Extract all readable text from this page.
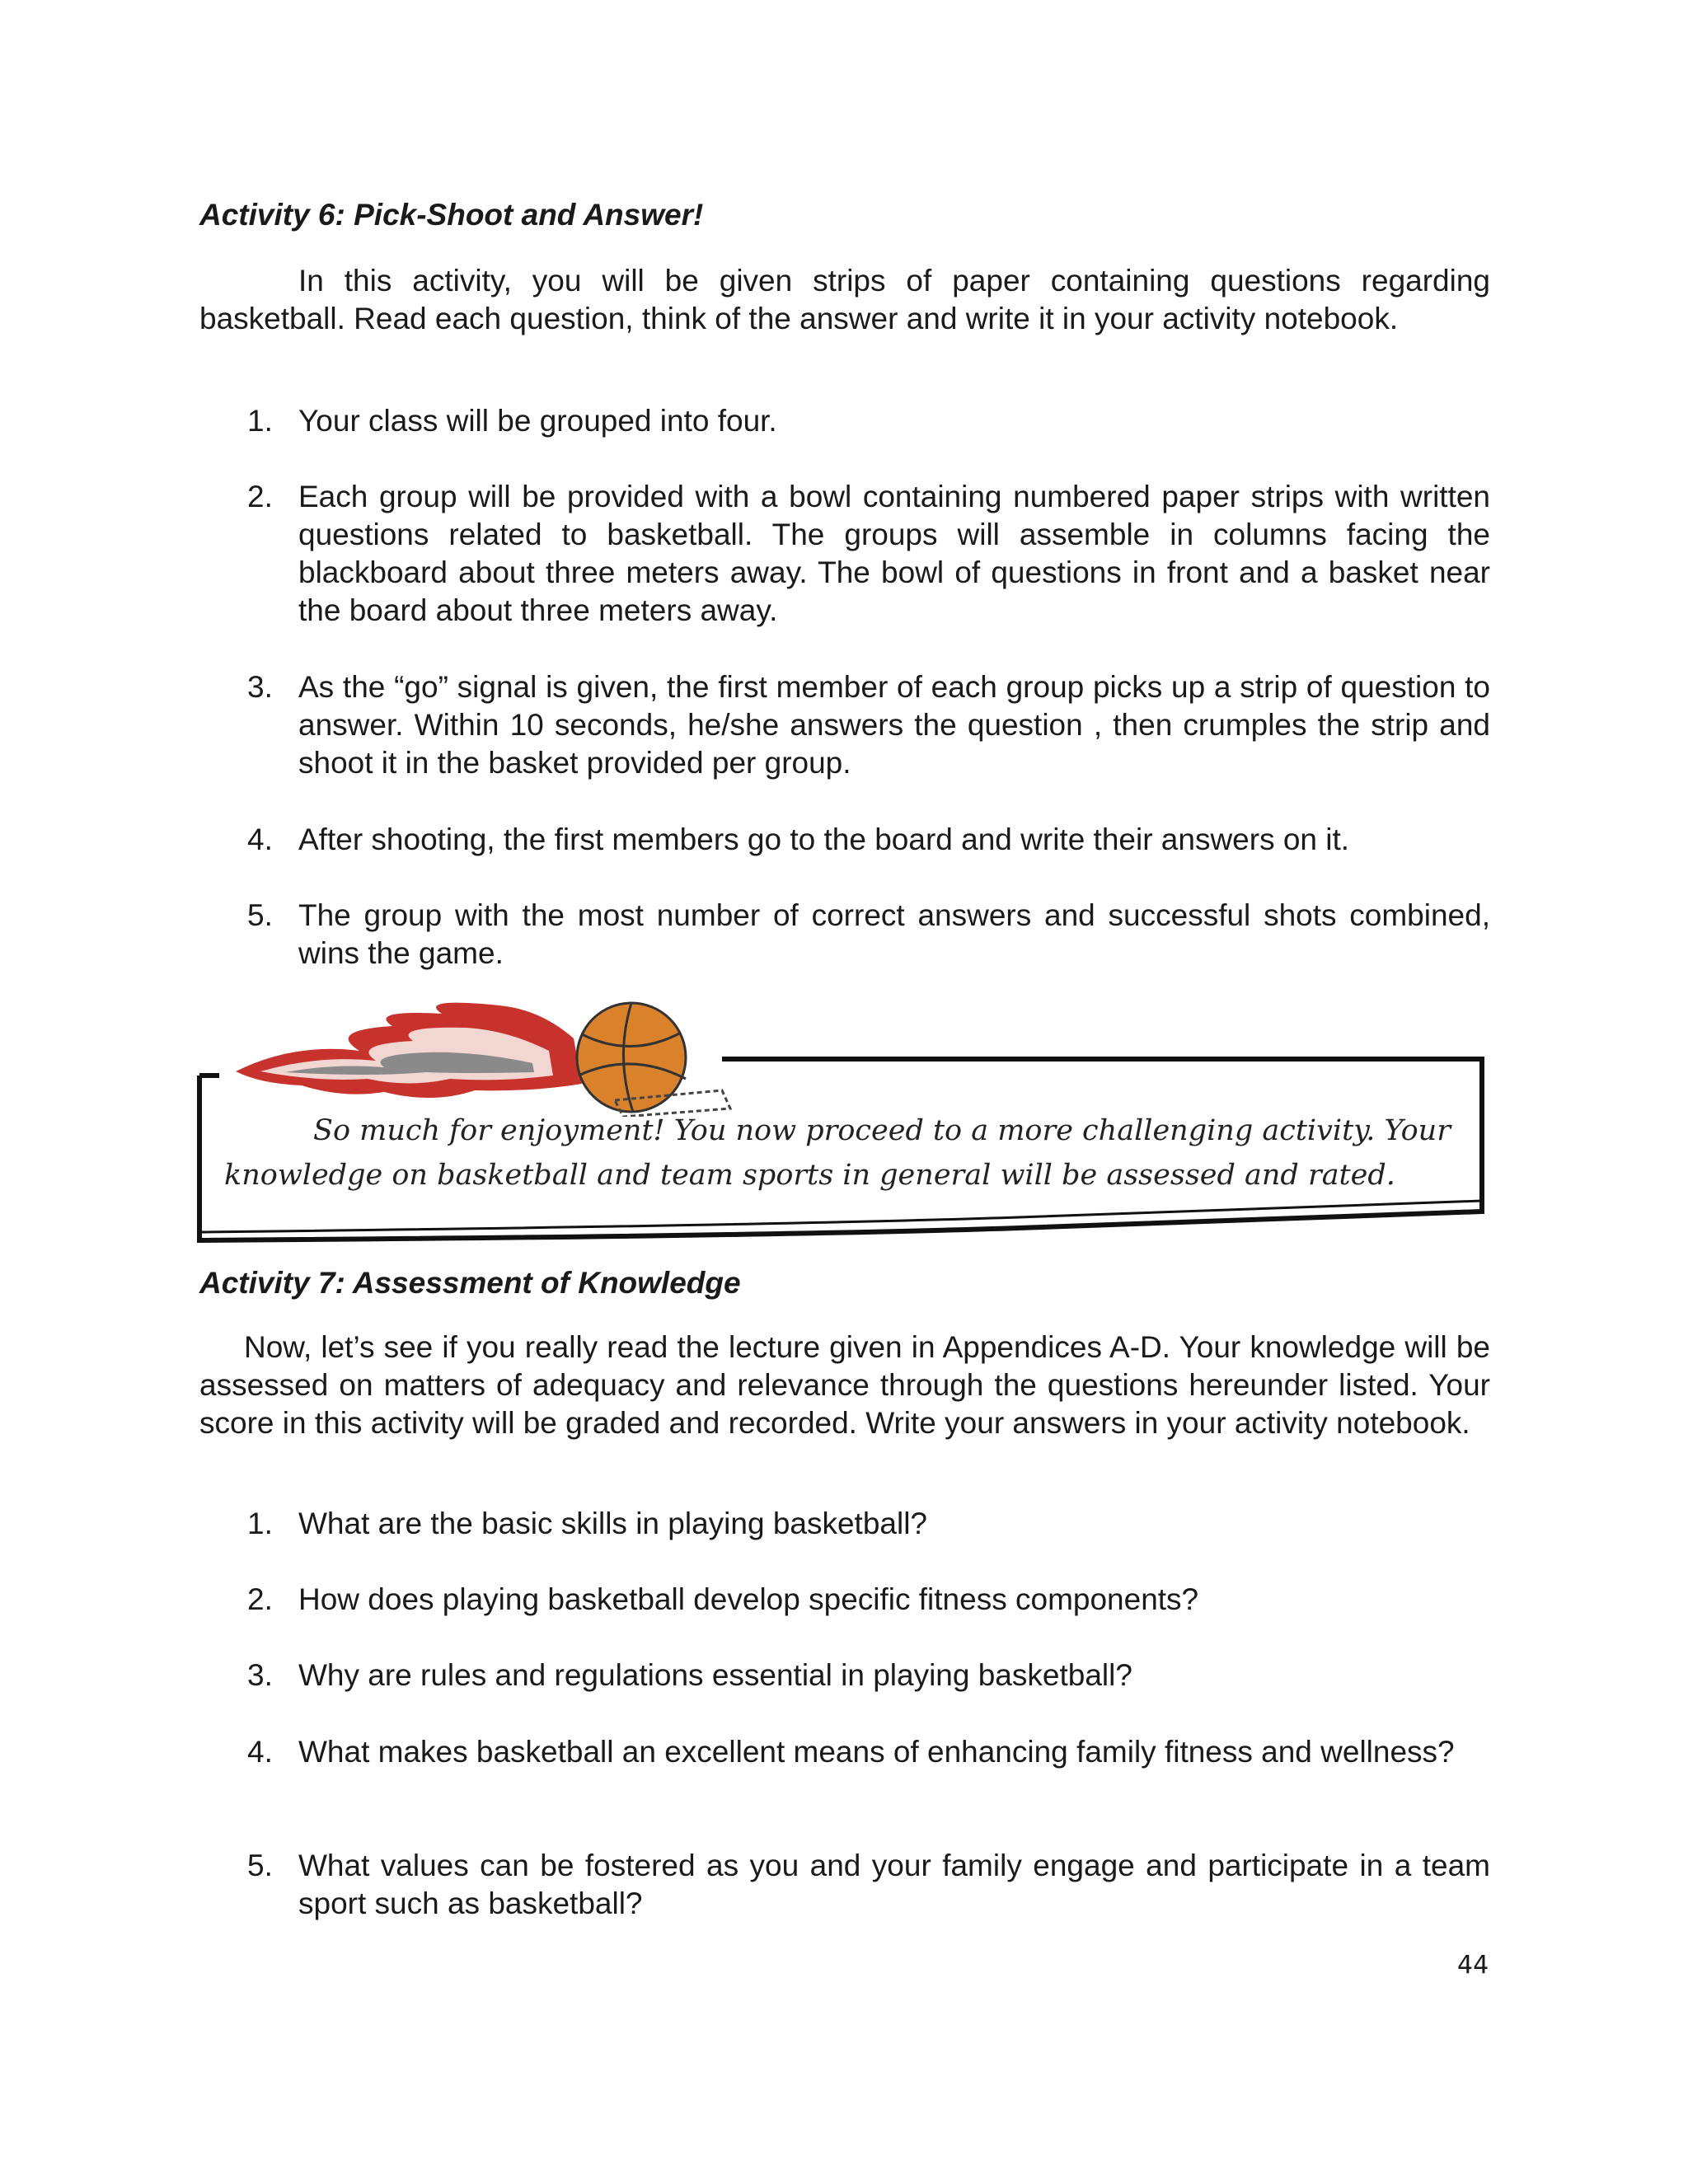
Activity 6: Pick-Shoot and Answer!

In this activity, you will be given strips of paper containing questions regarding basketball. Read each question, think of the answer and write it in your activity notebook.

1. Your class will be grouped into four.
2. Each group will be provided with a bowl containing numbered paper strips with written questions related to basketball. The groups will assemble in columns facing the blackboard about three meters away. The bowl of questions in front and a basket near the board about three meters away.
3. As the “go” signal is given, the first member of each group picks up a strip of question to answer. Within 10 seconds, he/she answers the question , then crumples the strip and shoot it in the basket provided per group.
4. After shooting, the first members go to the board and write their answers on it.
5. The group with the most number of correct answers and successful shots combined, wins the game.

So much for enjoyment! You now proceed to a more challenging activity. Your knowledge on basketball and team sports in general will be assessed and rated.

Activity 7: Assessment of Knowledge

Now, let’s see if you really read the lecture given in Appendices A-D. Your knowledge will be assessed on matters of adequacy and relevance through the questions hereunder listed. Your score in this activity will be graded and recorded. Write your answers in your activity notebook.

1. What are the basic skills in playing basketball?
2. How does playing basketball develop specific fitness components?
3. Why are rules and regulations essential in playing basketball?
4. What makes basketball an excellent means of enhancing family fitness and wellness?
5. What values can be fostered as you and your family engage and participate in a team sport such as basketball?

44
